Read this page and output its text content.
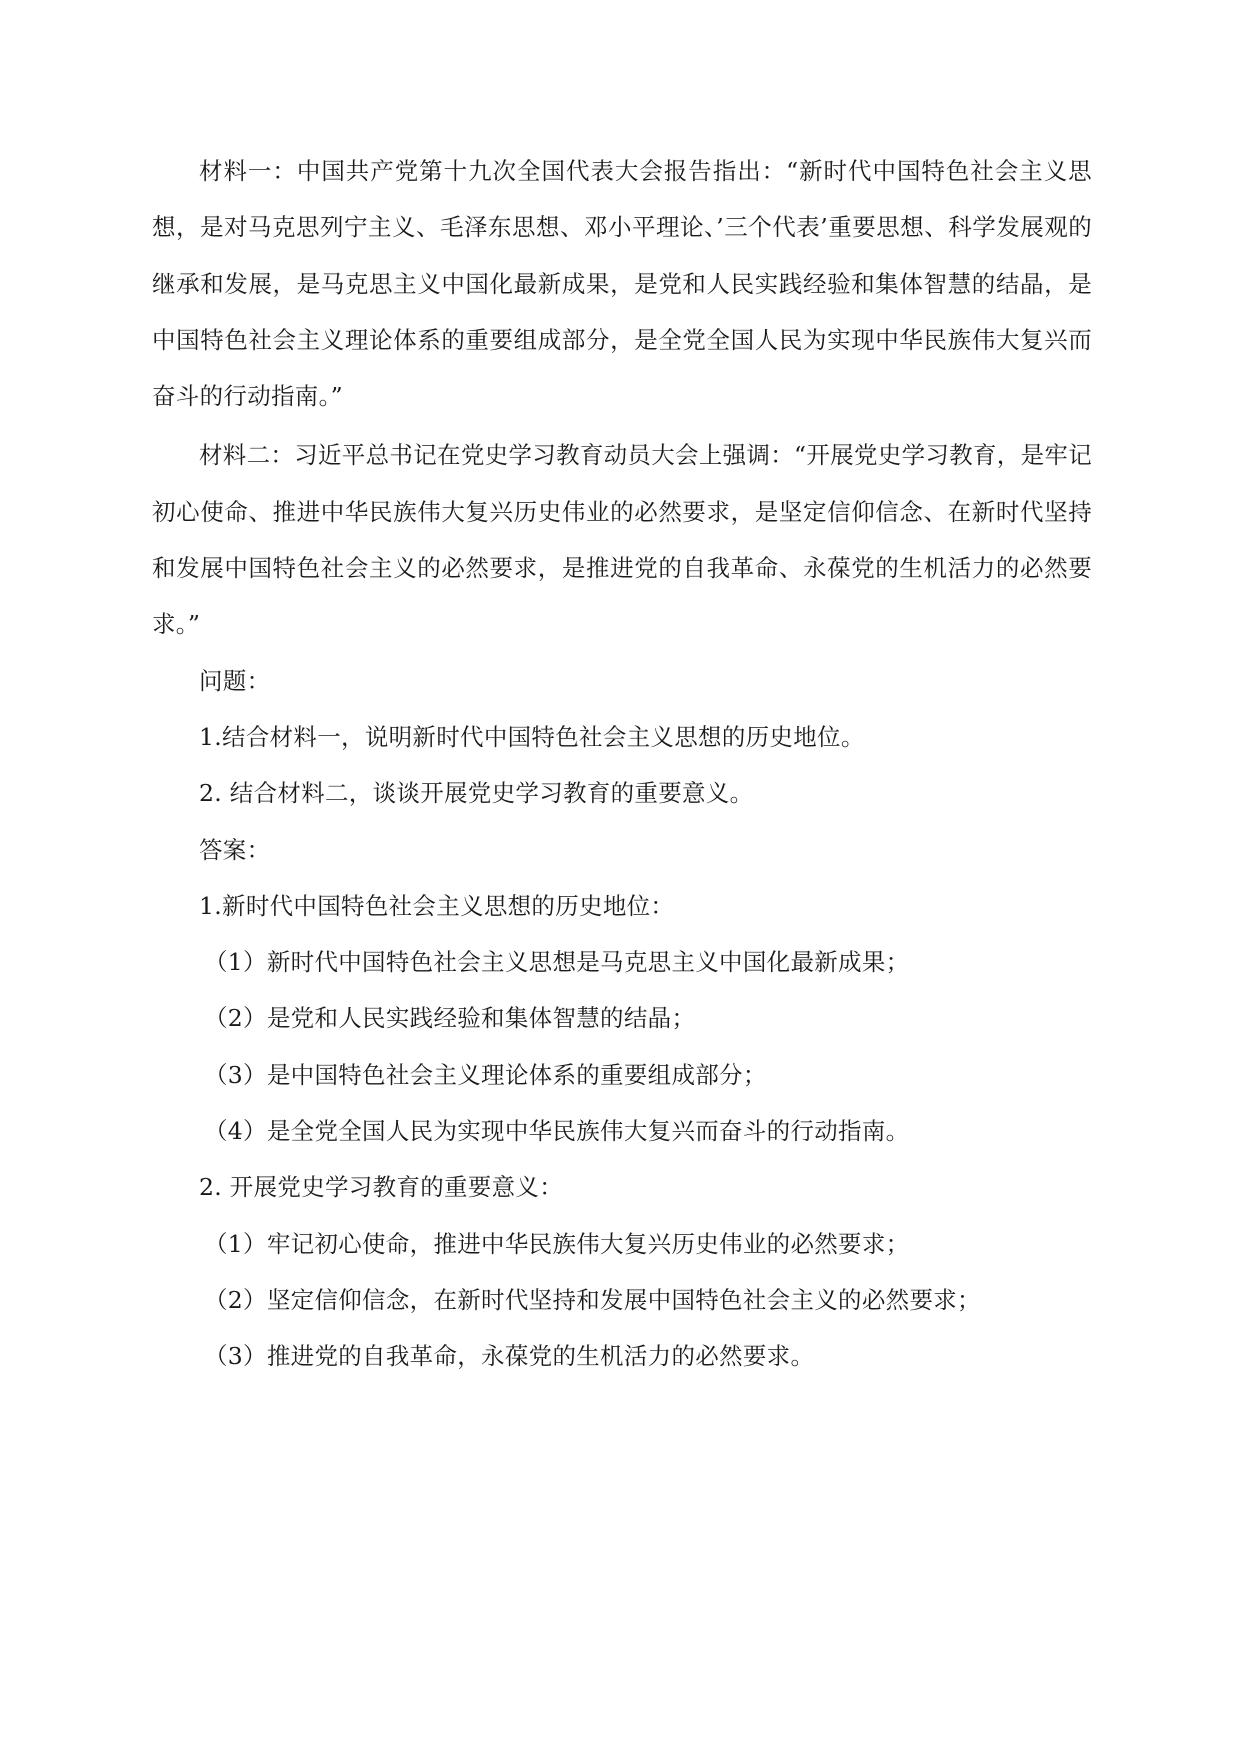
材料一：中国共产党第十九次全国代表大会报告指出：“新时代中国特色社会主义思想，是对马克思列宁主义、毛泽东思想、邓小平理论、’三个代表’重要思想、科学发展观的继承和发展，是马克思主义中国化最新成果，是党和人民实践经验和集体智慧的结晶，是中国特色社会主义理论体系的重要组成部分，是全党全国人民为实现中华民族伟大复兴而奋斗的行动指南。”

材料二：习近平总书记在党史学习教育动员大会上强调：“开展党史学习教育，是牢记初心使命、推进中华民族伟大复兴历史伟业的必然要求，是坚定信仰信念、在新时代坚持和发展中国特色社会主义的必然要求，是推进党的自我革命、永葆党的生机活力的必然要求。”

问题：

1.结合材料一，说明新时代中国特色社会主义思想的历史地位。

2. 结合材料二，谈谈开展党史学习教育的重要意义。

答案：

1.新时代中国特色社会主义思想的历史地位：

（1）新时代中国特色社会主义思想是马克思主义中国化最新成果；

（2）是党和人民实践经验和集体智慧的结晶；

（3）是中国特色社会主义理论体系的重要组成部分；

（4）是全党全国人民为实现中华民族伟大复兴而奋斗的行动指南。

2. 开展党史学习教育的重要意义：

（1）牢记初心使命，推进中华民族伟大复兴历史伟业的必然要求；

（2）坚定信仰信念，在新时代坚持和发展中国特色社会主义的必然要求；

（3）推进党的自我革命，永葆党的生机活力的必然要求。
